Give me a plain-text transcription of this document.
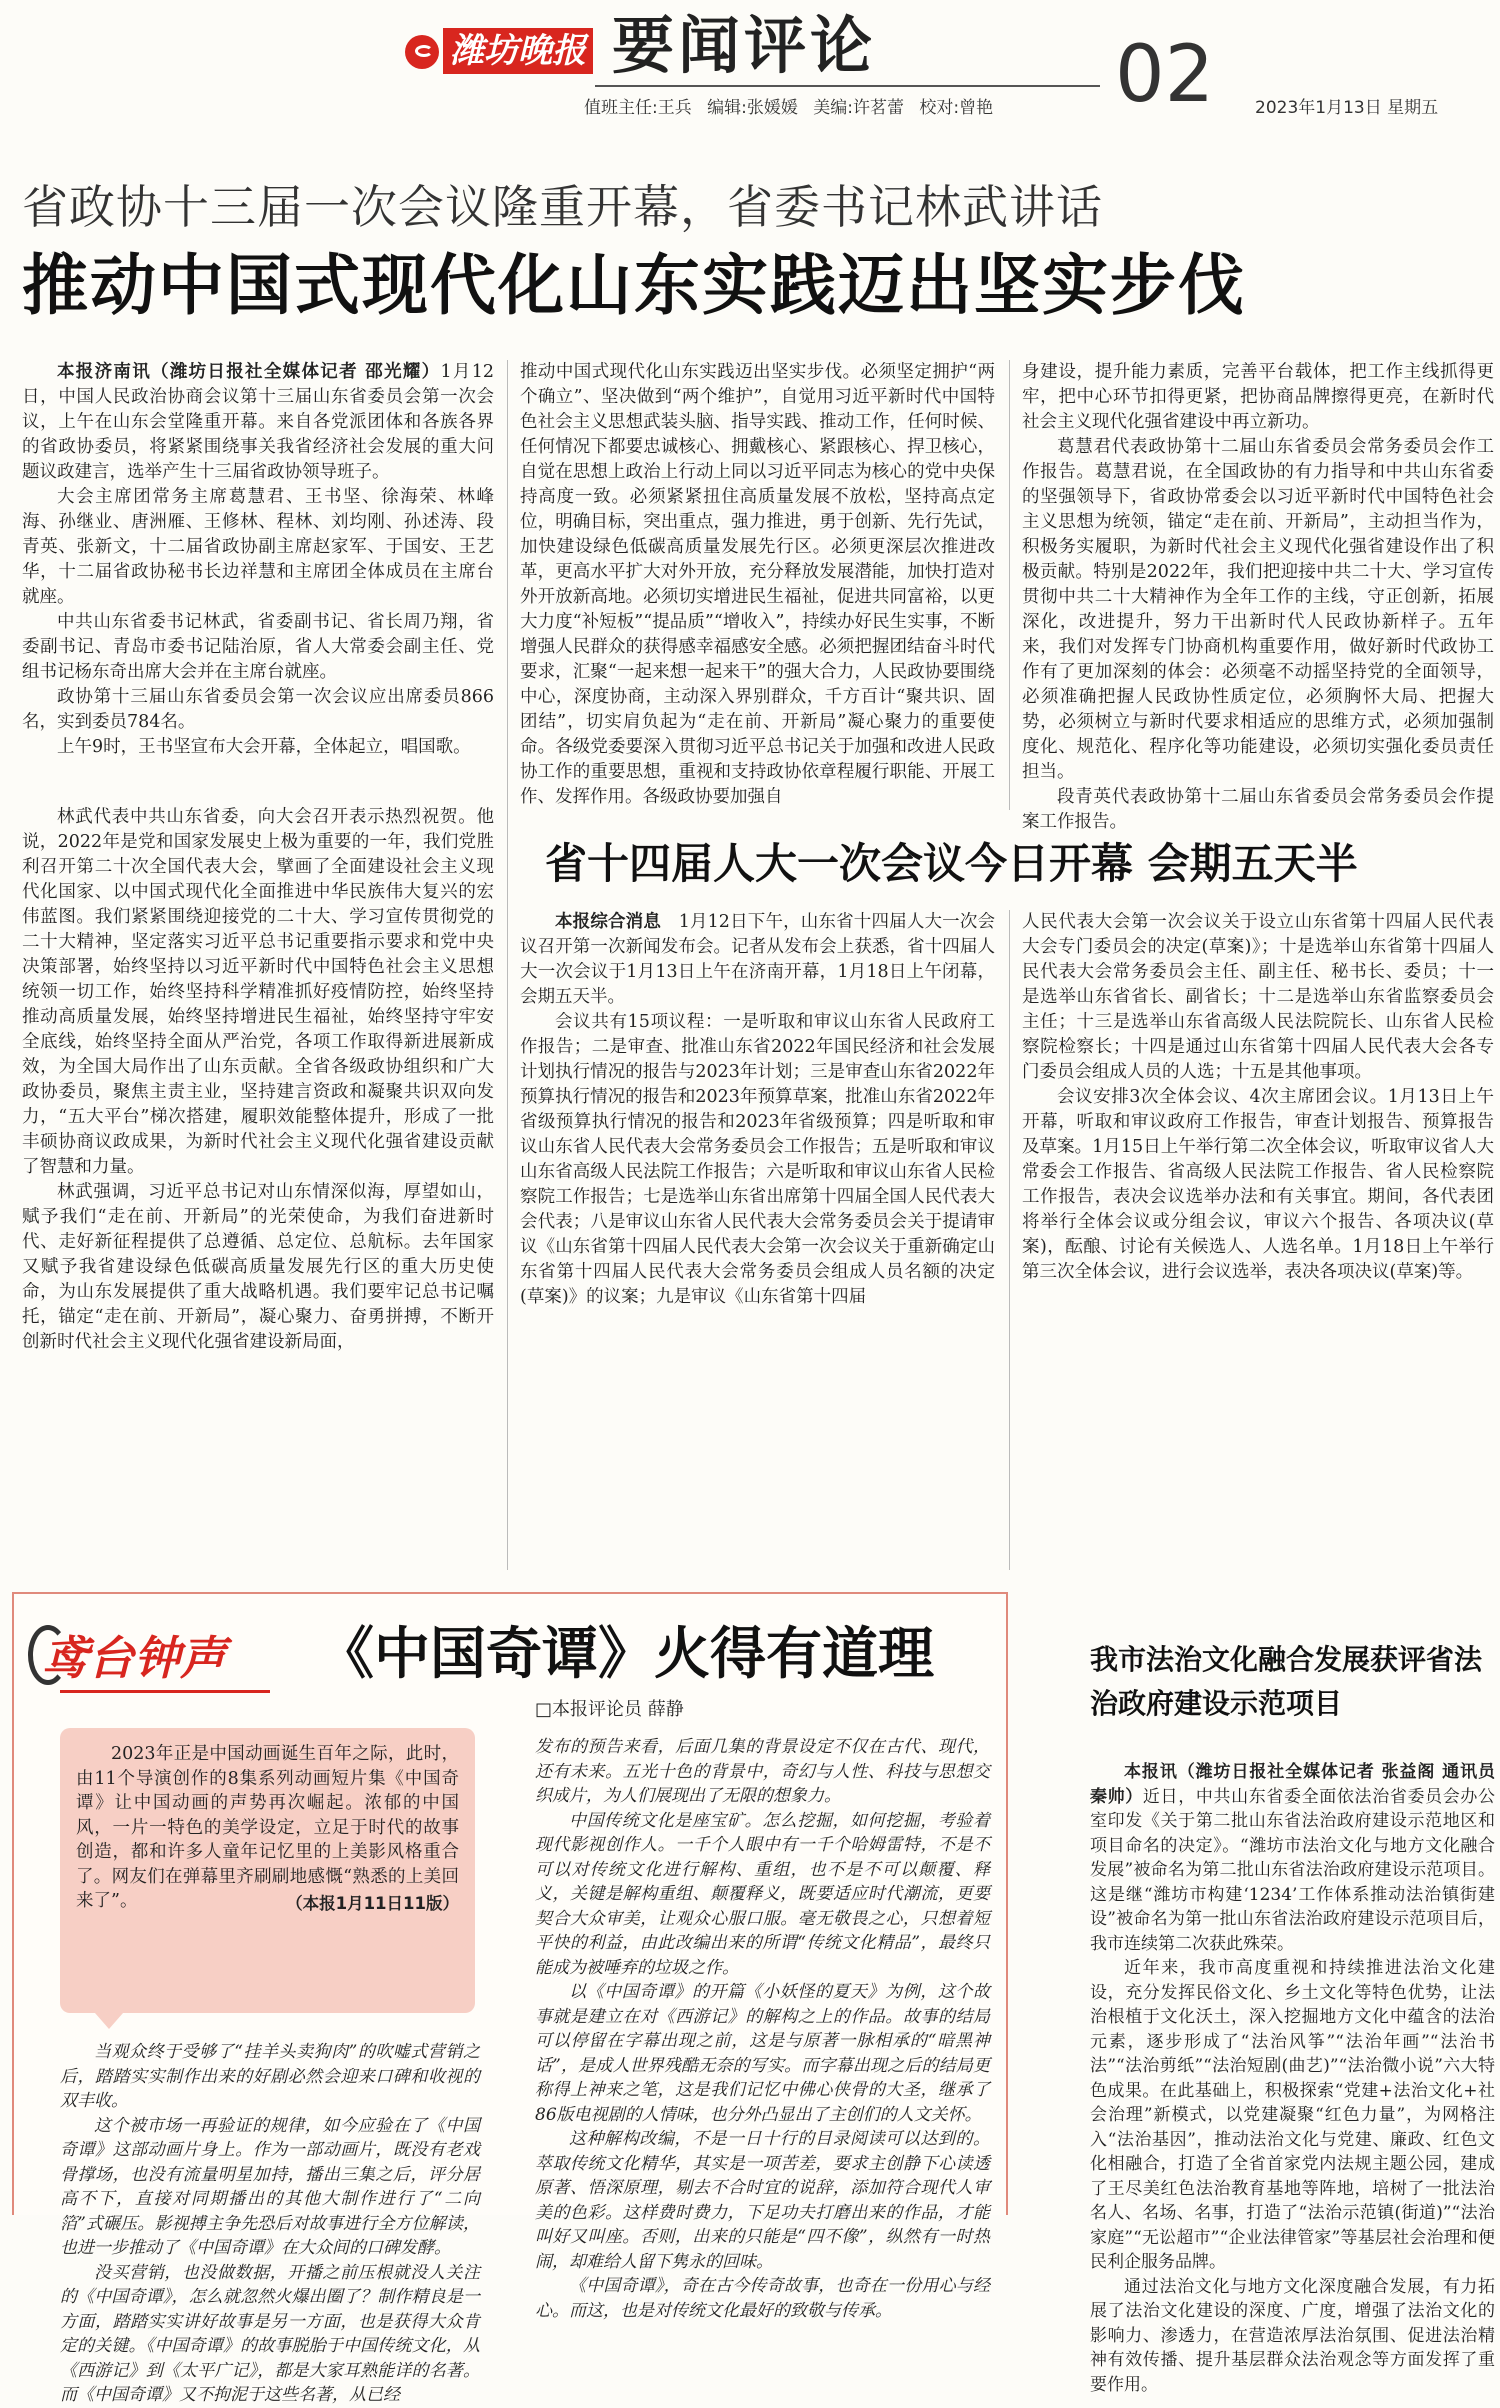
潍坊晚报 要闻评论	02
值班主任:王兵 编辑:张媛媛 美编:许茗蕾 校对:曾艳	2023年1月13日 星期五
省政协十三届一次会议隆重开幕，省委书记林武讲话
推动中国式现代化山东实践迈出坚实步伐

本报济南讯（潍坊日报社全媒体记者 邵光耀）1月12日，中国人民政治协商会议第十三届山东省委员会第一次会议，上午在山东会堂隆重开幕。来自各党派团体和各族各界的省政协委员，将紧紧围绕事关我省经济社会发展的重大问题议政建言，选举产生十三届省政协领导班子。

大会主席团常务主席葛慧君、王书坚、徐海荣、林峰海、孙继业、唐洲雁、王修林、程林、刘均刚、孙述涛、段青英、张新文，十二届省政协副主席赵家军、于国安、王艺华，十二届省政协秘书长边祥慧和主席团全体成员在主席台就座。

中共山东省委书记林武，省委副书记、省长周乃翔，省委副书记、青岛市委书记陆治原，省人大常委会副主任、党组书记杨东奇出席大会并在主席台就座。

政协第十三届山东省委员会第一次会议应出席委员866名，实到委员784名。

上午9时，王书坚宣布大会开幕，全体起立，唱国歌。

林武代表中共山东省委，向大会召开表示热烈祝贺。他说，2022年是党和国家发展史上极为重要的一年，我们党胜利召开第二十次全国代表大会，擘画了全面建设社会主义现代化国家、以中国式现代化全面推进中华民族伟大复兴的宏伟蓝图。我们紧紧围绕迎接党的二十大、学习宣传贯彻党的二十大精神，坚定落实习近平总书记重要指示要求和党中央决策部署，始终坚持以习近平新时代中国特色社会主义思想统领一切工作，始终坚持科学精准抓好疫情防控，始终坚持推动高质量发展，始终坚持增进民生福祉，始终坚持守牢安全底线，始终坚持全面从严治党，各项工作取得新进展新成效，为全国大局作出了山东贡献。全省各级政协组织和广大政协委员，聚焦主责主业，坚持建言资政和凝聚共识双向发力，“五大平台”梯次搭建，履职效能整体提升，形成了一批丰硕协商议政成果，为新时代社会主义现代化强省建设贡献了智慧和力量。

林武强调，习近平总书记对山东情深似海，厚望如山，赋予我们“走在前、开新局”的光荣使命，为我们奋进新时代、走好新征程提供了总遵循、总定位、总航标。去年国家又赋予我省建设绿色低碳高质量发展先行区的重大历史使命，为山东发展提供了重大战略机遇。我们要牢记总书记嘱托，锚定“走在前、开新局”，凝心聚力、奋勇拼搏，不断开创新时代社会主义现代化强省建设新局面，

推动中国式现代化山东实践迈出坚实步伐。必须坚定拥护“两个确立”、坚决做到“两个维护”，自觉用习近平新时代中国特色社会主义思想武装头脑、指导实践、推动工作，任何时候、任何情况下都要忠诚核心、拥戴核心、紧跟核心、捍卫核心，自觉在思想上政治上行动上同以习近平同志为核心的党中央保持高度一致。必须紧紧扭住高质量发展不放松，坚持高点定位，明确目标，突出重点，强力推进，勇于创新、先行先试，加快建设绿色低碳高质量发展先行区。必须更深层次推进改革，更高水平扩大对外开放，充分释放发展潜能，加快打造对外开放新高地。必须切实增进民生福祉，促进共同富裕，以更大力度“补短板”“提品质”“增收入”，持续办好民生实事，不断增强人民群众的获得感幸福感安全感。必须把握团结奋斗时代要求，汇聚“一起来想一起来干”的强大合力，人民政协要围绕中心，深度协商，主动深入界别群众，千方百计“聚共识、固团结”，切实肩负起为“走在前、开新局”凝心聚力的重要使命。各级党委要深入贯彻习近平总书记关于加强和改进人民政协工作的重要思想，重视和支持政协依章程履行职能、开展工作、发挥作用。各级政协要加强自

身建设，提升能力素质，完善平台载体，把工作主线抓得更牢，把中心环节扣得更紧，把协商品牌擦得更亮，在新时代社会主义现代化强省建设中再立新功。

葛慧君代表政协第十二届山东省委员会常务委员会作工作报告。葛慧君说，在全国政协的有力指导和中共山东省委的坚强领导下，省政协常委会以习近平新时代中国特色社会主义思想为统领，锚定“走在前、开新局”，主动担当作为，积极务实履职，为新时代社会主义现代化强省建设作出了积极贡献。特别是2022年，我们把迎接中共二十大、学习宣传贯彻中共二十大精神作为全年工作的主线，守正创新，拓展深化，改进提升，努力干出新时代人民政协新样子。五年来，我们对发挥专门协商机构重要作用，做好新时代政协工作有了更加深刻的体会：必须毫不动摇坚持党的全面领导，必须准确把握人民政协性质定位，必须胸怀大局、把握大势，必须树立与新时代要求相适应的思维方式，必须加强制度化、规范化、程序化等功能建设，必须切实强化委员责任担当。

段青英代表政协第十二届山东省委员会常务委员会作提案工作报告。

省十四届人大一次会议今日开幕 会期五天半

本报综合消息　 1月12日下午，山东省十四届人大一次会议召开第一次新闻发布会。记者从发布会上获悉，省十四届人大一次会议于1月13日上午在济南开幕，1月18日上午闭幕，会期五天半。

会议共有15项议程：一是听取和审议山东省人民政府工作报告；二是审查、批准山东省2022年国民经济和社会发展计划执行情况的报告与2023年计划；三是审查山东省2022年预算执行情况的报告和2023年预算草案，批准山东省2022年省级预算执行情况的报告和2023年省级预算；四是听取和审议山东省人民代表大会常务委员会工作报告；五是听取和审议山东省高级人民法院工作报告；六是听取和审议山东省人民检察院工作报告；七是选举山东省出席第十四届全国人民代表大会代表；八是审议山东省人民代表大会常务委员会关于提请审议《山东省第十四届人民代表大会第一次会议关于重新确定山东省第十四届人民代表大会常务委员会组成人员名额的决定(草案)》的议案；九是审议《山东省第十四届

人民代表大会第一次会议关于设立山东省第十四届人民代表大会专门委员会的决定(草案)》；十是选举山东省第十四届人民代表大会常务委员会主任、副主任、秘书长、委员；十一是选举山东省省长、副省长；十二是选举山东省监察委员会主任；十三是选举山东省高级人民法院院长、山东省人民检察院检察长；十四是通过山东省第十四届人民代表大会各专门委员会组成人员的人选；十五是其他事项。

会议安排3次全体会议、4次主席团会议。1月13日上午开幕，听取和审议政府工作报告，审查计划报告、预算报告及草案。1月15日上午举行第二次全体会议，听取审议省人大常委会工作报告、省高级人民法院工作报告、省人民检察院工作报告，表决会议选举办法和有关事宜。期间，各代表团将举行全体会议或分组会议，审议六个报告、各项决议(草案)，酝酿、讨论有关候选人、人选名单。1月18日上午举行第三次全体会议，进行会议选举，表决各项决议(草案)等。

鸢台钟声 《中国奇谭》火得有道理
□本报评论员 薛静
2023年正是中国动画诞生百年之际，此时，由11个导演创作的8集系列动画短片集《中国奇谭》让中国动画的声势再次崛起。浓郁的中国风，一片一特色的美学设定，立足于时代的故事创造，都和许多人童年记忆里的上美影风格重合了。网友们在弹幕里齐刷刷地感慨“熟悉的上美回来了”。	（本报1月11日11版）

当观众终于受够了“挂羊头卖狗肉”的吹嘘式营销之后，踏踏实实制作出来的好剧必然会迎来口碑和收视的双丰收。

这个被市场一再验证的规律，如今应验在了《中国奇谭》这部动画片身上。作为一部动画片，既没有老戏骨撑场，也没有流量明星加持，播出三集之后，评分居高不下，直接对同期播出的其他大制作进行了“二向箔”式碾压。影视搏主争先恐后对故事进行全方位解读，也进一步推动了《中国奇谭》在大众间的口碑发酵。

没买营销，也没做数据，开播之前压根就没人关注的《中国奇谭》，怎么就忽然火爆出圈了？制作精良是一方面，踏踏实实讲好故事是另一方面，也是获得大众肯定的关键。《中国奇谭》的故事脱胎于中国传统文化，从《西游记》到《太平广记》，都是大家耳熟能详的名著。而《中国奇谭》又不拘泥于这些名著，从已经

发布的预告来看，后面几集的背景设定不仅在古代、现代，还有未来。五光十色的背景中，奇幻与人性、科技与思想交织成片，为人们展现出了无限的想象力。

中国传统文化是座宝矿。怎么挖掘，如何挖掘，考验着现代影视创作人。一千个人眼中有一千个哈姆雷特，不是不可以对传统文化进行解构、重组，也不是不可以颠覆、释义，关键是解构重组、颠覆释义，既要适应时代潮流，更要契合大众审美，让观众心服口服。毫无敬畏之心，只想着短平快的利益，由此改编出来的所谓“传统文化精品”，最终只能成为被唾弃的垃圾之作。

以《中国奇谭》的开篇《小妖怪的夏天》为例，这个故事就是建立在对《西游记》的解构之上的作品。故事的结局可以停留在字幕出现之前，这是与原著一脉相承的“暗黑神话”，是成人世界残酷无奈的写实。而字幕出现之后的结局更称得上神来之笔，这是我们记忆中佛心侠骨的大圣，继承了86版电视剧的人情味，也分外凸显出了主创们的人文关怀。

这种解构改编，不是一日十行的目录阅读可以达到的。萃取传统文化精华，其实是一项苦差，要求主创静下心读透原著、悟深原理，剔去不合时宜的说辞，添加符合现代人审美的色彩。这样费时费力，下足功夫打磨出来的作品，才能叫好又叫座。否则，出来的只能是“四不像”，纵然有一时热闹，却难给人留下隽永的回味。

《中国奇谭》，奇在古今传奇故事，也奇在一份用心与经心。而这，也是对传统文化最好的致敬与传承。

我市法治文化融合发展获评省法治政府建设示范项目

本报讯（潍坊日报社全媒体记者 张益阁 通讯员 秦帅）近日，中共山东省委全面依法治省委员会办公室印发《关于第二批山东省法治政府建设示范地区和项目命名的决定》。“潍坊市法治文化与地方文化融合发展”被命名为第二批山东省法治政府建设示范项目。这是继“潍坊市构建‘1234’工作体系推动法治镇街建设”被命名为第一批山东省法治政府建设示范项目后，我市连续第二次获此殊荣。

近年来，我市高度重视和持续推进法治文化建设，充分发挥民俗文化、乡土文化等特色优势，让法治根植于文化沃土，深入挖掘地方文化中蕴含的法治元素，逐步形成了“法治风筝”“法治年画”“法治书法”“法治剪纸”“法治短剧(曲艺)”“法治微小说”六大特色成果。在此基础上，积极探索“党建+法治文化+社会治理”新模式，以党建凝聚“红色力量”，为网格注入“法治基因”，推动法治文化与党建、廉政、红色文化相融合，打造了全省首家党内法规主题公园，建成了王尽美红色法治教育基地等阵地，培树了一批法治名人、名场、名事，打造了“法治示范镇(街道)”“法治家庭”“无讼超市”“企业法律管家”等基层社会治理和便民利企服务品牌。

通过法治文化与地方文化深度融合发展，有力拓展了法治文化建设的深度、广度，增强了法治文化的影响力、渗透力，在营造浓厚法治氛围、促进法治精神有效传播、提升基层群众法治观念等方面发挥了重要作用。
